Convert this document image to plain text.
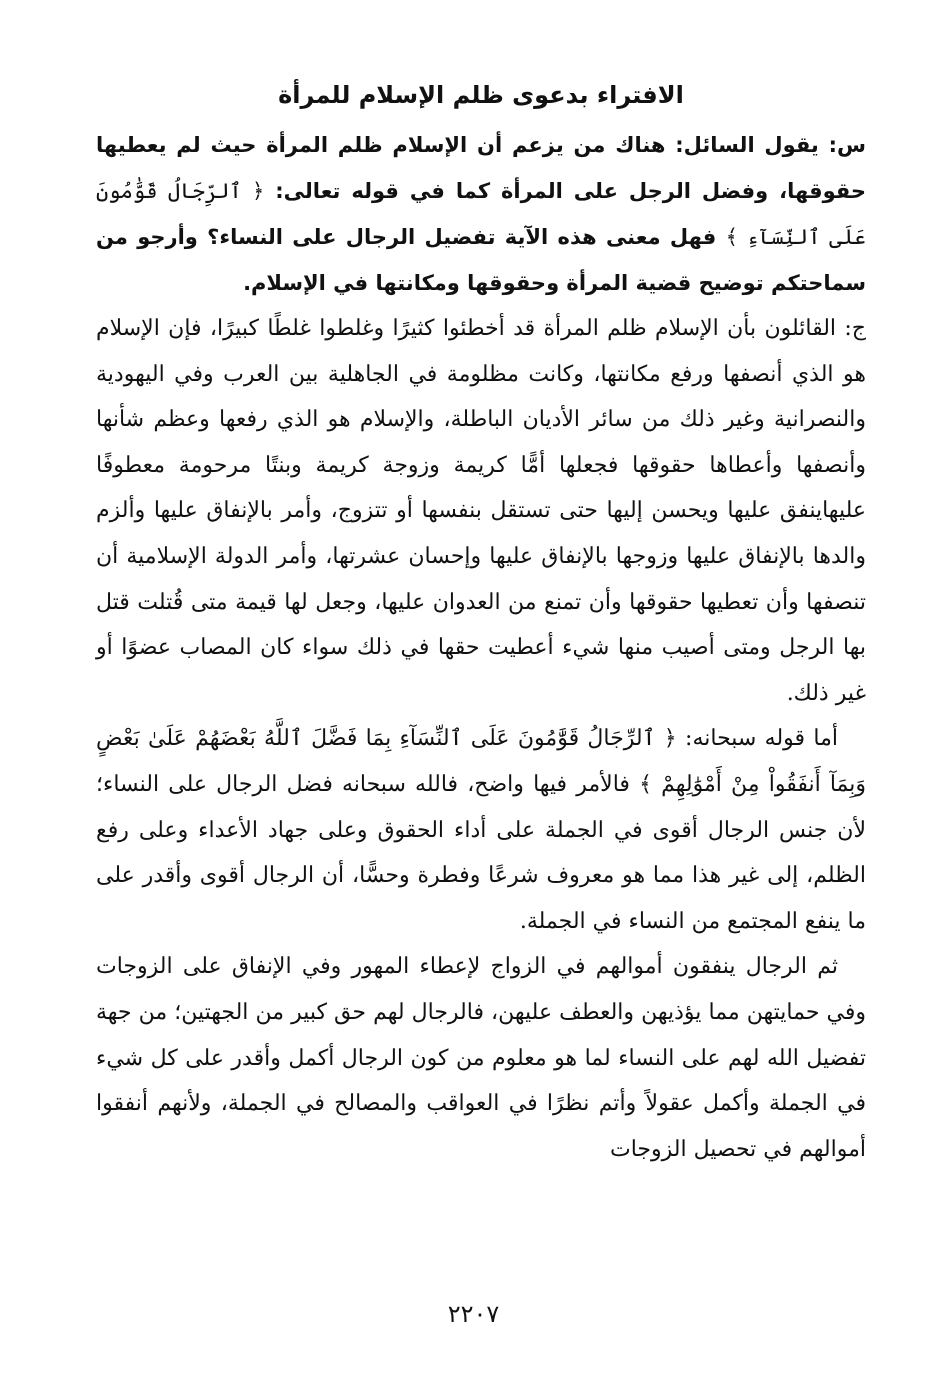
الافتراء بدعوى ظلم الإسلام للمرأة

س: يقول السائل: هناك من يزعم أن الإسلام ظلم المرأة حيث لم يعطيها حقوقها، وفضل الرجل على المرأة كما في قوله تعالى: ﴿ ٱلرِّجَالُ قَوَّٰمُونَ عَلَى ٱلنِّسَآءِ ﴾ فهل معنى هذه الآية تفضيل الرجال على النساء؟ وأرجو من سماحتكم توضيح قضية المرأة وحقوقها ومكانتها في الإسلام.

ج: القائلون بأن الإسلام ظلم المرأة قد أخطئوا كثيرًا وغلطوا غلطًا كبيرًا، فإن الإسلام هو الذي أنصفها ورفع مكانتها، وكانت مظلومة في الجاهلية بين العرب وفي اليهودية والنصرانية وغير ذلك من سائر الأديان الباطلة، والإسلام هو الذي رفعها وعظم شأنها وأنصفها وأعطاها حقوقها فجعلها أمًّا كريمة وزوجة كريمة وبنتًا مرحومة معطوفًا عليهاينفق عليها ويحسن إليها حتى تستقل بنفسها أو تتزوج، وأمر بالإنفاق عليها وألزم والدها بالإنفاق عليها وزوجها بالإنفاق عليها وإحسان عشرتها، وأمر الدولة الإسلامية أن تنصفها وأن تعطيها حقوقها وأن تمنع من العدوان عليها، وجعل لها قيمة متى قُتلت قتل بها الرجل ومتى أصيب منها شيء أعطيت حقها في ذلك سواء كان المصاب عضوًا أو غير ذلك.

أما قوله سبحانه: ﴿ ٱلرِّجَالُ قَوَّٰمُونَ عَلَى ٱلنِّسَآءِ بِمَا فَضَّلَ ٱللَّهُ بَعْضَهُمْ عَلَىٰ بَعْضٍ وَبِمَآ أَنفَقُواْ مِنْ أَمْوَٰلِهِمْ ﴾ فالأمر فيها واضح، فالله سبحانه فضل الرجال على النساء؛ لأن جنس الرجال أقوى في الجملة على أداء الحقوق وعلى جهاد الأعداء وعلى رفع الظلم، إلى غير هذا مما هو معروف شرعًا وفطرة وحسًّا، أن الرجال أقوى وأقدر على ما ينفع المجتمع من النساء في الجملة.

ثم الرجال ينفقون أموالهم في الزواج لإعطاء المهور وفي الإنفاق على الزوجات وفي حمايتهن مما يؤذيهن والعطف عليهن، فالرجال لهم حق كبير من الجهتين؛ من جهة تفضيل الله لهم على النساء لما هو معلوم من كون الرجال أكمل وأقدر على كل شيء في الجملة وأكمل عقولاً وأتم نظرًا في العواقب والمصالح في الجملة، ولأنهم أنفقوا أموالهم في تحصيل الزوجات

٢٢٠٧
